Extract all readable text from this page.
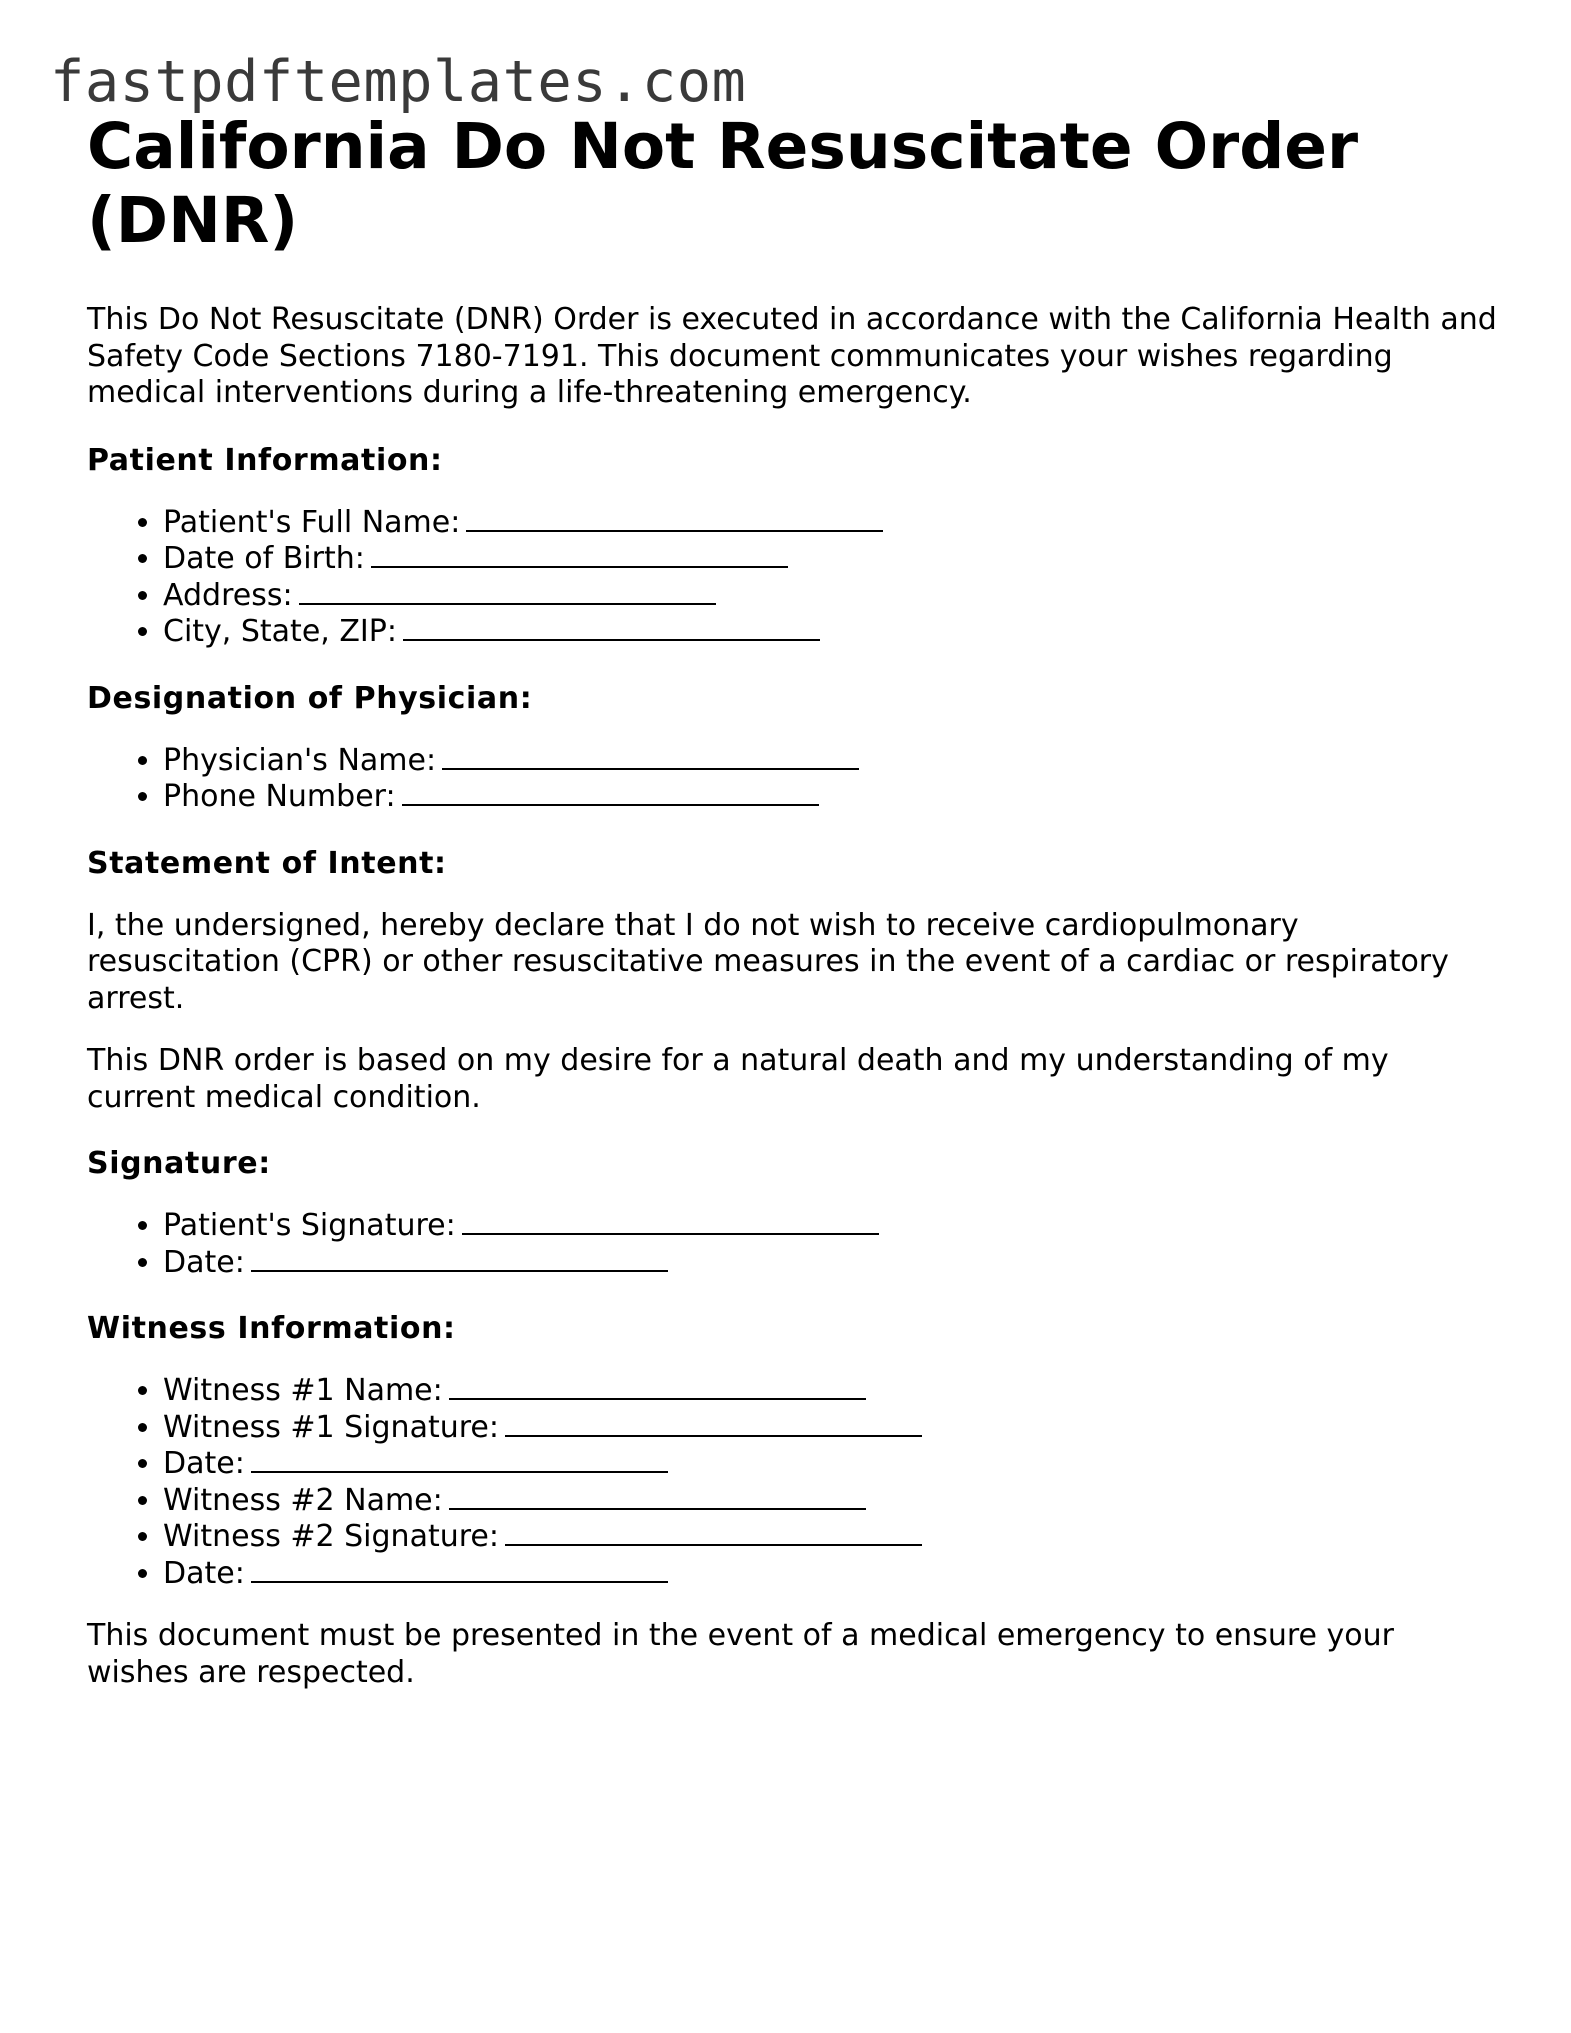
fastpdftemplates.com
California Do Not Resuscitate Order (DNR)

This Do Not Resuscitate (DNR) Order is executed in accordance with the California Health and Safety Code Sections 7180-7191. This document communicates your wishes regarding medical interventions during a life-threatening emergency.

Patient Information:
• Patient's Full Name:
• Date of Birth:
• Address:
• City, State, ZIP:
Designation of Physician:
• Physician's Name:
• Phone Number:
Statement of Intent:

I, the undersigned, hereby declare that I do not wish to receive cardiopulmonary resuscitation (CPR) or other resuscitative measures in the event of a cardiac or respiratory arrest.

This DNR order is based on my desire for a natural death and my understanding of my current medical condition.

Signature:
• Patient's Signature:
• Date:
Witness Information:
• Witness #1 Name:
• Witness #1 Signature:
• Date:
• Witness #2 Name:
• Witness #2 Signature:
• Date:

This document must be presented in the event of a medical emergency to ensure your wishes are respected.
